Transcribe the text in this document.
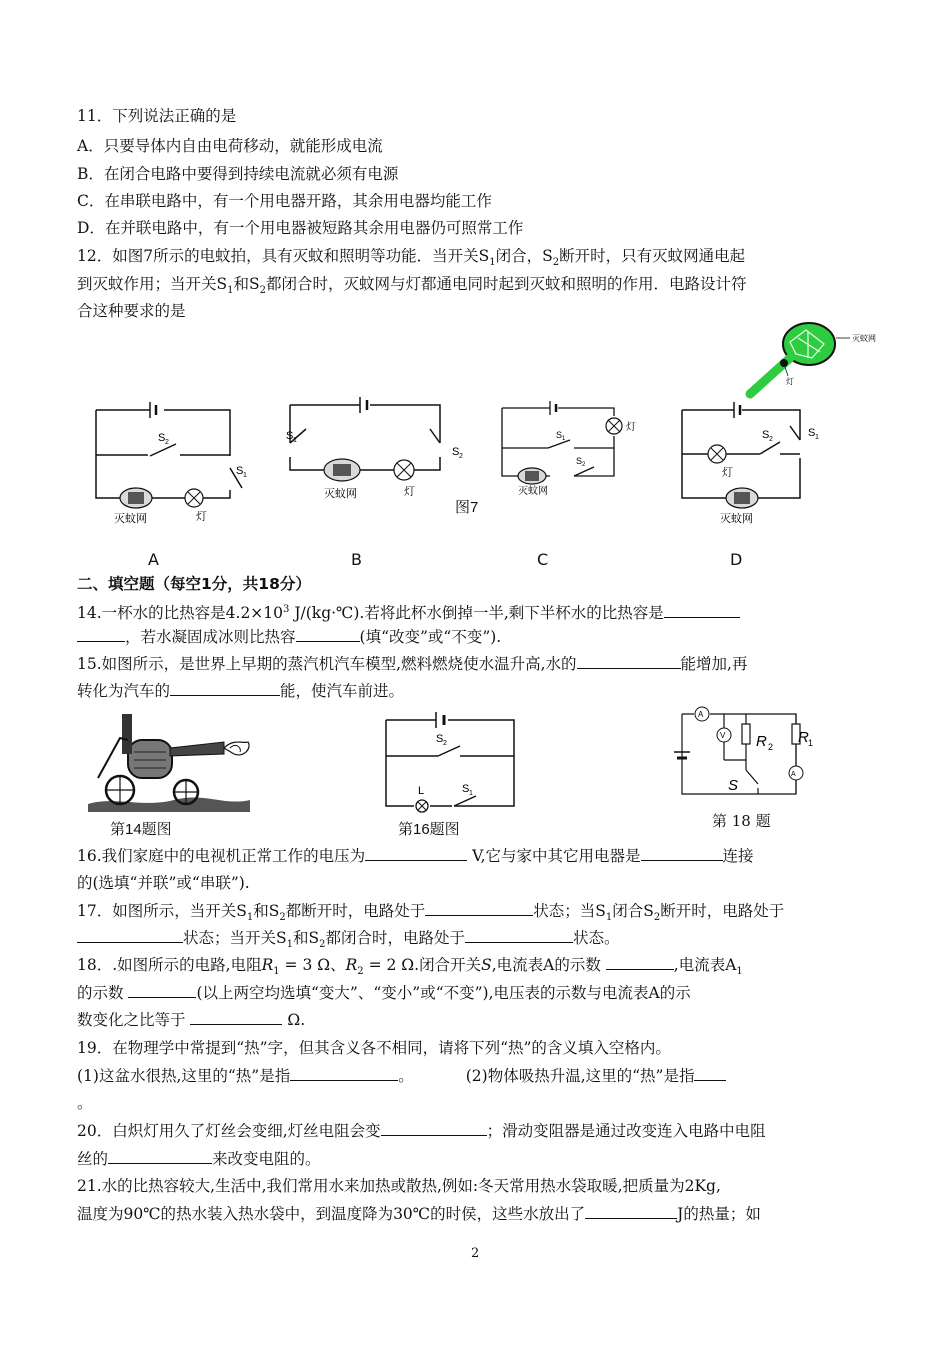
11．下列说法正确的是
A．只要导体内自由电荷移动，就能形成电流
B．在闭合电路中要得到持续电流就必须有电源
C．在串联电路中，有一个用电器开路，其余用电器均能工作
D．在并联电路中，有一个用电器被短路其余用电器仍可照常工作
12．如图7所示的电蚊拍，具有灭蚊和照明等功能．当开关$S_1$闭合，$S_2$断开时，只有灭蚊网通电起
到灭蚊作用；当开关$S_1$和$S_2$都闭合时，灭蚊网与灯都通电同时起到灭蚊和照明的作用．电路设计符
合这种要求的是
灭蚊网
灯
S 2
S 1
灭蚊网	灯
S 1
S 2
灭蚊网	灯
灯
S 1
S 2
灭蚊网
图7
S 1
灯
S 2
灭蚊网
A	B	C	D
二、填空题（每空1分，共18分）
14.一杯水的比热容是$4.2\times 10^3$ J/(kg·℃).若将此杯水倒掉一半,剩下半杯水的比热容是
，若水凝固成冰则比热容	(填“改变”或“不变”).
15.如图所示，是世界上早期的蒸汽机汽车模型,燃料燃烧使水温升高,水的	能增加,再
转化为汽车的	能，使汽车前进。
第14题图
S 2
L	S 1
第16题图
A
V R 2
S
R 1
A
第 18 题
16.我们家庭中的电视机正常工作的电压为	V,它与家中其它用电器是	连接
的(选填“并联”或“串联”).
17．如图所示，当开关$S_1$和$S_2$都断开时，电路处于	状态；当$S_1$闭合$S_2$断开时，电路处于
状态；当开关$S_1$和$S_2$都闭合时，电路处于	状态。
18．.如图所示的电路,电阻$R_1 = 3$ Ω、$R_2 = 2$ Ω.闭合开关S,电流表A的示数	,电流表$A_1$
的示数	(以上两空均选填“变大”、“变小”或“不变”),电压表的示数与电流表A的示
数变化之比等于	Ω.
19．在物理学中常提到“热”字，但其含义各不相同，请将下列“热”的含义填入空格内。
(1)这盆水很热,这里的“热”是指	。	(2)物体吸热升温,这里的“热”是指
。
20．白炽灯用久了灯丝会变细,灯丝电阻会变	；滑动变阻器是通过改变连入电路中电阻
丝的	来改变电阻的。
21.水的比热容较大,生活中,我们常用水来加热或散热,例如:冬天常用热水袋取暖,把质量为2Kg,
温度为90℃的热水装入热水袋中，到温度降为30℃的时侯，这些水放出了	J的热量；如
2
